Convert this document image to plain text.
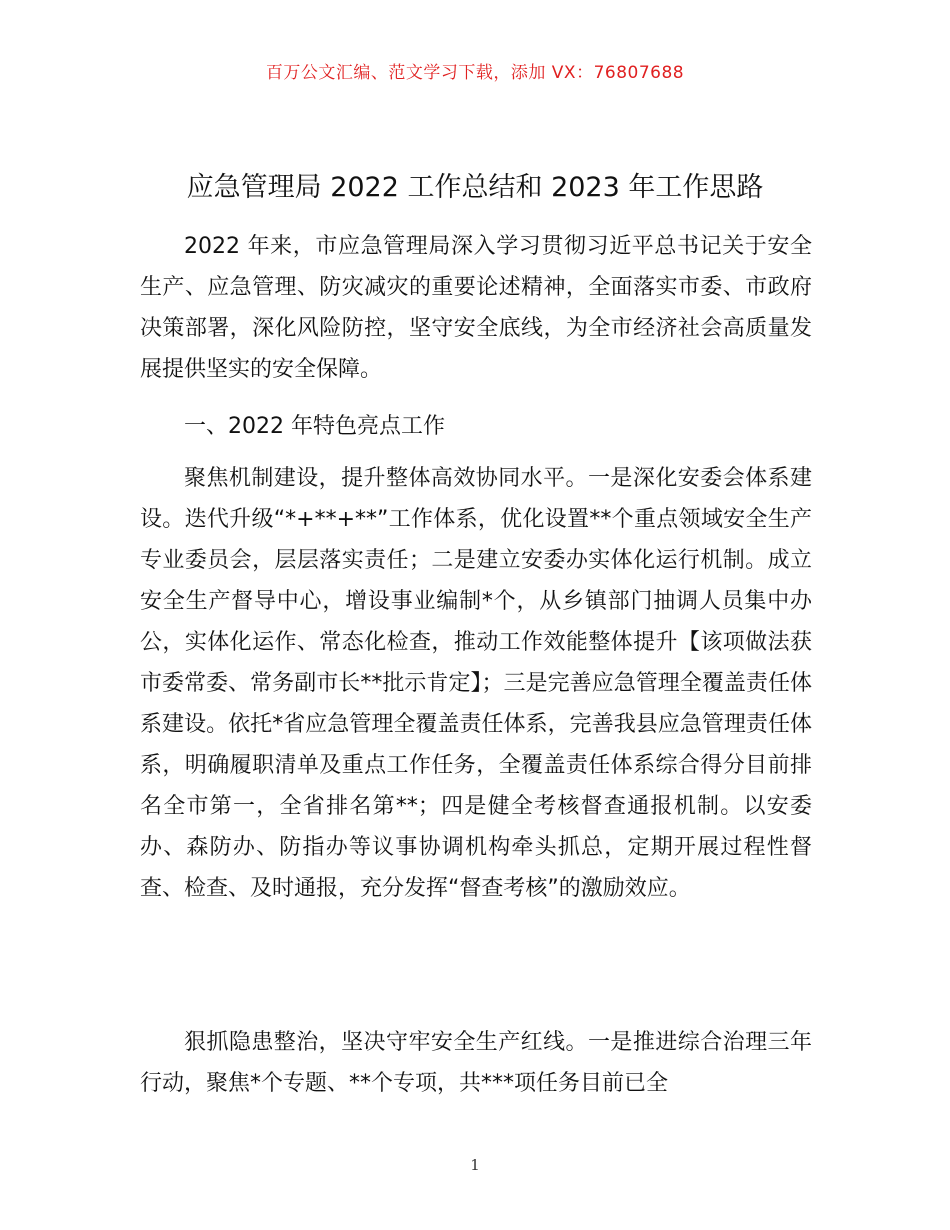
百万公文汇编、范文学习下载，添加 VX：76807688
应急管理局 2022 工作总结和 2023 年工作思路

2022 年来，市应急管理局深入学习贯彻习近平总书记关于安全生产、应急管理、防灾减灾的重要论述精神，全面落实市委、市政府决策部署，深化风险防控，坚守安全底线，为全市经济社会高质量发展提供坚实的安全保障。

一、2022 年特色亮点工作

聚焦机制建设，提升整体高效协同水平。一是深化安委会体系建设。迭代升级“*+**+**”工作体系，优化设置**个重点领域安全生产专业委员会，层层落实责任；二是建立安委办实体化运行机制。成立安全生产督导中心，增设事业编制*个，从乡镇部门抽调人员集中办公，实体化运作、常态化检查，推动工作效能整体提升【该项做法获市委常委、常务副市长**批示肯定】；三是完善应急管理全覆盖责任体系建设。依托*省应急管理全覆盖责任体系，完善我县应急管理责任体系，明确履职清单及重点工作任务，全覆盖责任体系综合得分目前排名全市第一，全省排名第**；四是健全考核督查通报机制。以安委办、森防办、防指办等议事协调机构牵头抓总，定期开展过程性督查、检查、及时通报，充分发挥“督查考核”的激励效应。

狠抓隐患整治，坚决守牢安全生产红线。一是推进综合治理三年行动，聚焦*个专题、**个专项，共***项任务目前已全

1
